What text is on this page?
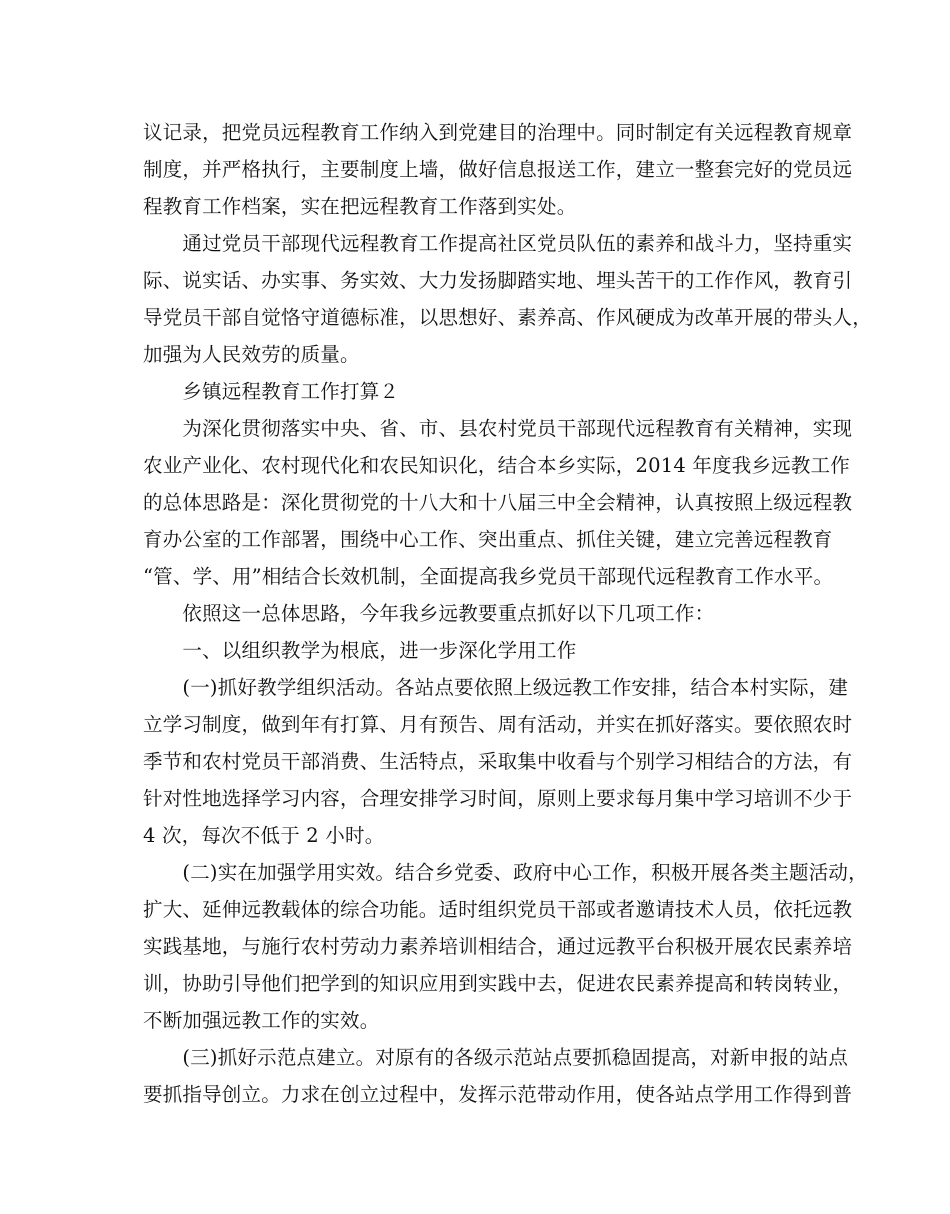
议记录，把党员远程教育工作纳入到党建目的治理中。同时制定有关远程教育规章
制度，并严格执行，主要制度上墙，做好信息报送工作，建立一整套完好的党员远
程教育工作档案，实在把远程教育工作落到实处。
　　通过党员干部现代远程教育工作提高社区党员队伍的素养和战斗力，坚持重实
际、说实话、办实事、务实效、大力发扬脚踏实地、埋头苦干的工作作风，教育引
导党员干部自觉恪守道德标准，以思想好、素养高、作风硬成为改革开展的带头人，
加强为人民效劳的质量。
　　乡镇远程教育工作打算２
　　为深化贯彻落实中央、省、市、县农村党员干部现代远程教育有关精神，实现
农业产业化、农村现代化和农民知识化，结合本乡实际，2014 年度我乡远教工作
的总体思路是：深化贯彻党的十八大和十八届三中全会精神，认真按照上级远程教
育办公室的工作部署，围绕中心工作、突出重点、抓住关键，建立完善远程教育
“管、学、用”相结合长效机制，全面提高我乡党员干部现代远程教育工作水平。
　　依照这一总体思路，今年我乡远教要重点抓好以下几项工作：
　　一、以组织教学为根底，进一步深化学用工作
　　(一)抓好教学组织活动。各站点要依照上级远教工作安排，结合本村实际，建
立学习制度，做到年有打算、月有预告、周有活动，并实在抓好落实。要依照农时
季节和农村党员干部消费、生活特点，采取集中收看与个别学习相结合的方法，有
针对性地选择学习内容，合理安排学习时间，原则上要求每月集中学习培训不少于
4 次，每次不低于 2 小时。
　　(二)实在加强学用实效。结合乡党委、政府中心工作，积极开展各类主题活动，
扩大、延伸远教载体的综合功能。适时组织党员干部或者邀请技术人员，依托远教
实践基地，与施行农村劳动力素养培训相结合，通过远教平台积极开展农民素养培
训，协助引导他们把学到的知识应用到实践中去，促进农民素养提高和转岗转业，
不断加强远教工作的实效。
　　(三)抓好示范点建立。对原有的各级示范站点要抓稳固提高，对新申报的站点
要抓指导创立。力求在创立过程中，发挥示范带动作用，使各站点学用工作得到普
